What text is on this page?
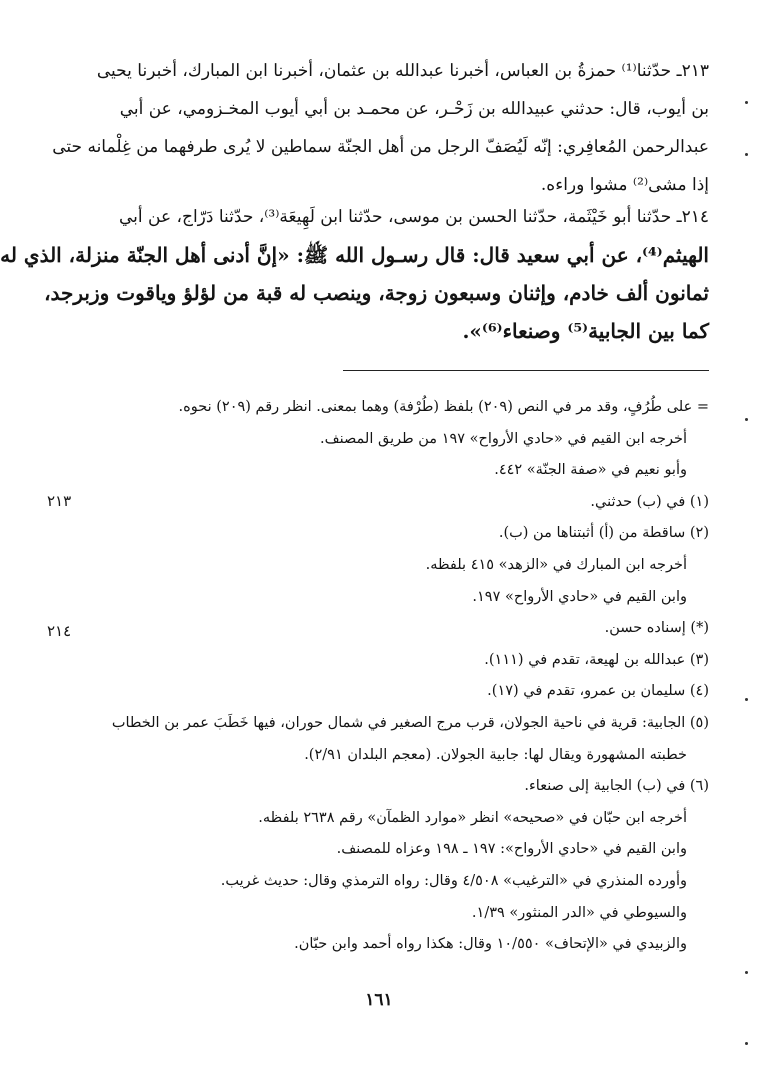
٢١٣ـ حدّثنا⁽¹⁾ حمزةُ بن العباس، أخبرنا عبدالله بن عثمان، أخبرنا ابن المبارك، أخبرنا يحيى
بن أيوب، قال: حدثني عبيدالله بن زَحْـر، عن محمـد بن أبي أيوب المخـزومي، عن أبي
عبدالرحمن المُعافِري: إنّه لَيُصَفّ الرجل من أهل الجنّة سماطين لا يُرى طرفهما من غِلْمانه حتى
إذا مشى⁽²⁾ مشوا وراءه.
٢١٤ـ حدّثنا أبو خَيْثَمة، حدّثنا الحسن بن موسى، حدّثنا ابن لَهِيعَة⁽³⁾، حدّثنا دَرّاج، عن أبي
الهيثم⁽⁴⁾، عن أبي سعيد قال: قال رسـول الله ﷺ: «إنَّ أدنى أهل الجنّة منزلة، الذي له
ثمانون ألف خادم، وإثنان وسبعون زوجة، وينصب له قبة من لؤلؤ وياقوت وزبرجد،
كما بين الجابية⁽⁵⁾ وصنعاء⁽⁶⁾».
= على طُرُفٍ، وقد مر في النص (٢٠٩) بلفظ (طُرْفة) وهما بمعنى. انظر رقم (٢٠٩) نحوه.
أخرجه ابن القيم في «حادي الأرواح» ١٩٧ من طريق المصنف.
وأبو نعيم في «صفة الجنّة» ٤٤٢.
(١) في (ب) حدثني.
(٢) ساقطة من (أ) أثبتناها من (ب).
أخرجه ابن المبارك في «الزهد» ٤١٥ بلفظه.
وابن القيم في «حادي الأرواح» ١٩٧.
(*) إسناده حسن.
(٣) عبدالله بن لهيعة، تقدم في (١١١).
(٤) سليمان بن عمرو، تقدم في (١٧).
(٥) الجابية: قرية في ناحية الجولان، قرب مرج الصغير في شمال حوران، فيها خَطَبَ عمر بن الخطاب
خطبته المشهورة ويقال لها: جابية الجولان. (معجم البلدان ٢/٩١).
(٦) في (ب) الجابية إلى صنعاء.
أخرجه ابن حبّان في «صحيحه» انظر «موارد الظمآن» رقم ٢٦٣٨ بلفظه.
وابن القيم في «حادي الأرواح»: ١٩٧ ـ ١٩٨ وعزاه للمصنف.
وأورده المنذري في «الترغيب» ٤/٥٠٨ وقال: رواه الترمذي وقال: حديث غريب.
والسيوطي في «الدر المنثور» ١/٣٩.
والزبيدي في «الإتحاف» ١٠/٥٥٠ وقال: هكذا رواه أحمد وابن حبّان.
٢١٣
٢١٤
١٦١
